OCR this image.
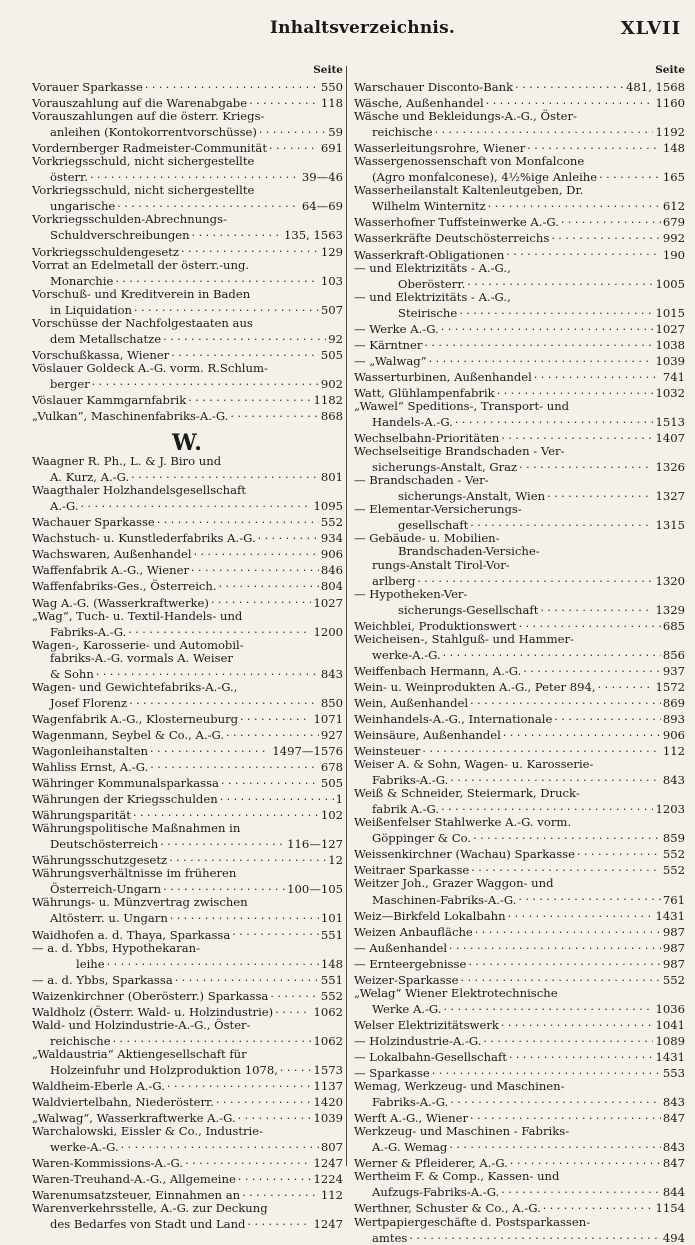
Inhaltsverzeichnis.	XLVII
Seite
Vorauer Sparkasse . . .	550
Vorauszahlung auf die Warenabgabe . . .	118
Vorauszahlungen auf die österr. Kriegs-
anleihen (Kontokorrentvorschüsse) . . .	59
Vordernberger Radmeister-Communität . . .	691
Vorkriegsschuld, nicht sichergestellte
österr. . . .	39—46
Vorkriegsschuld, nicht sichergestellte
ungarische . . .	64—69
Vorkriegsschulden-Abrechnungs-
Schuldverschreibungen . . .	135, 1563
Vorkriegsschuldengesetz . . .	129
Vorrat an Edelmetall der österr.-ung.
Monarchie . . .	103
Vorschuß- und Kreditverein in Baden
in Liquidation . . .	507
Vorschüsse der Nachfolgestaaten aus
dem Metallschatze . . .	92
Vorschußkassa, Wiener . . .	505
Vöslauer Goldeck A.-G. vorm. R.Schlum-
berger . . .	902
Vöslauer Kammgarnfabrik . . .	1182
„Vulkan“, Maschinenfabriks-A.-G. . . .	868
W.
Waagner R. Ph., L. & J. Biro und
A. Kurz, A.-G. . . .	801
Waagthaler Holzhandelsgesellschaft
A.-G. . . .	1095
Wachauer Sparkasse . . .	552
Wachstuch- u. Kunstlederfabriks A.-G. . . .	934
Wachswaren, Außenhandel . . .	906
Waffenfabrik A.-G., Wiener . . .	846
Waffenfabriks-Ges., Österreich. . . .	804
Wag A.-G. (Wasserkraftwerke) . . .	1027
„Wag“, Tuch- u. Textil-Handels- und
Fabriks-A.-G. . . .	1200
Wagen-, Karosserie- und Automobil-
fabriks-A.-G. vormals A. Weiser
& Sohn . . .	843
Wagen- und Gewichtefabriks-A.-G.,
Josef Florenz . . .	850
Wagenfabrik A.-G., Klosterneuburg . . .	1071
Wagenmann, Seybel & Co., A.-G. . . .	927
Wagonleihanstalten . . .	1497—1576
Wahliss Ernst, A.-G. . . .	678
Währinger Kommunalsparkassa . . .	505
Währungen der Kriegsschulden . . .	1
Währungsparität . . .	102
Währungspolitische Maßnahmen in
Deutschösterreich . . .	116—127
Währungsschutzgesetz . . .	12
Währungsverhältnisse im früheren
Österreich-Ungarn . . .	100—105
Währungs- u. Münzvertrag zwischen
Altösterr. u. Ungarn . . .	101
Waidhofen a. d. Thaya, Sparkassa . . .	551
— a. d. Ybbs, Hypothekaran-
leihe . . .	148
— a. d. Ybbs, Sparkassa . . .	551
Waizenkirchner (Oberösterr.) Sparkassa . . .	552
Waldholz (Österr. Wald- u. Holzindustrie) . . .	1062
Wald- und Holzindustrie-A.-G., Öster-
reichische . . .	1062
„Waldaustria“ Aktiengesellschaft für
Holzeinfuhr und Holzproduktion 1078, . . .	1573
Waldheim-Eberle A.-G. . . .	1137
Waldviertelbahn, Niederösterr. . . .	1420
„Walwag“, Wasserkraftwerke A.-G. . . .	1039
Warchalowski, Eissler & Co., Industrie-
werke-A.-G. . . .	807
Waren-Kommissions-A.-G. . . .	1247
Waren-Treuhand-A.-G., Allgemeine . . .	1224
Warenumsatzsteuer, Einnahmen an . . .	112
Warenverkehrsstelle, A.-G. zur Deckung
des Bedarfes von Stadt und Land . . .	1247
Seite
Warschauer Disconto-Bank . . .	481, 1568
Wäsche, Außenhandel . . .	1160
Wäsche und Bekleidungs-A.-G., Öster-
reichische . . .	1192
Wasserleitungsrohre, Wiener . . .	148
Wassergenossenschaft von Monfalcone
(Agro monfalconese), 4½%ige Anleihe . . .	165
Wasserheilanstalt Kaltenleutgeben, Dr.
Wilhelm Winternitz . . .	612
Wasserhofner Tuffsteinwerke A.-G. . . .	679
Wasserkräfte Deutschösterreichs . . .	992
Wasserkraft-Obligationen . . .	190
— und Elektrizitäts - A.-G.,
Oberösterr. . . .	1005
— und Elektrizitäts - A.-G.,
Steirische . . .	1015
— Werke A.-G. . . .	1027
— Kärntner . . .	1038
— „Walwag“ . . .	1039
Wasserturbinen, Außenhandel . . .	741
Watt, Glühlampenfabrik . . .	1032
„Wawel“ Speditions-, Transport- und
Handels-A.-G. . . .	1513
Wechselbahn-Prioritäten . . .	1407
Wechselseitige Brandschaden - Ver-
sicherungs-Anstalt, Graz . . .	1326
— Brandschaden - Ver-
sicherungs-Anstalt, Wien . . .	1327
— Elementar-Versicherungs-
gesellschaft . . .	1315
— Gebäude- u. Mobilien-
Brandschaden-Versiche-
rungs-Anstalt Tirol-Vor-
arlberg . . .	1320
— Hypotheken-Ver-
sicherungs-Gesellschaft . . .	1329
Weichblei, Produktionswert . . .	685
Weicheisen-, Stahlguß- und Hammer-
werke-A.-G. . . .	856
Weiffenbach Hermann, A.-G. . . .	937
Wein- u. Weinprodukten A.-G., Peter 894, . . .	1572
Wein, Außenhandel . . .	869
Weinhandels-A.-G., Internationale . . .	893
Weinsäure, Außenhandel . . .	906
Weinsteuer . . .	112
Weiser A. & Sohn, Wagen- u. Karosserie-
Fabriks-A.-G. . . .	843
Weiß & Schneider, Steiermark, Druck-
fabrik A.-G. . . .	1203
Weißenfelser Stahlwerke A.-G. vorm.
Göppinger & Co. . . .	859
Weissenkirchner (Wachau) Sparkasse . . .	552
Weitraer Sparkasse . . .	552
Weitzer Joh., Grazer Waggon- und
Maschinen-Fabriks-A.-G. . . .	761
Weiz—Birkfeld Lokalbahn . . .	1431
Weizen Anbaufläche . . .	987
— Außenhandel . . .	987
— Ernteergebnisse . . .	987
Weizer-Sparkasse . . .	552
„Welag“ Wiener Elektrotechnische
Werke A.-G. . . .	1036
Welser Elektrizitätswerk . . .	1041
— Holzindustrie-A.-G. . . .	1089
— Lokalbahn-Gesellschaft . . .	1431
— Sparkasse . . .	553
Wemag, Werkzeug- und Maschinen-
Fabriks-A.-G. . . .	843
Werft A.-G., Wiener . . .	847
Werkzeug- und Maschinen - Fabriks-
A.-G. Wemag . . .	843
Werner & Pfleiderer, A.-G. . . .	847
Wertheim F. & Comp., Kassen- und
Aufzugs-Fabriks-A.-G. . . .	844
Werthner, Schuster & Co., A.-G. . . .	1154
Wertpapiergeschäfte d. Postsparkassen-
amtes . . .	494
